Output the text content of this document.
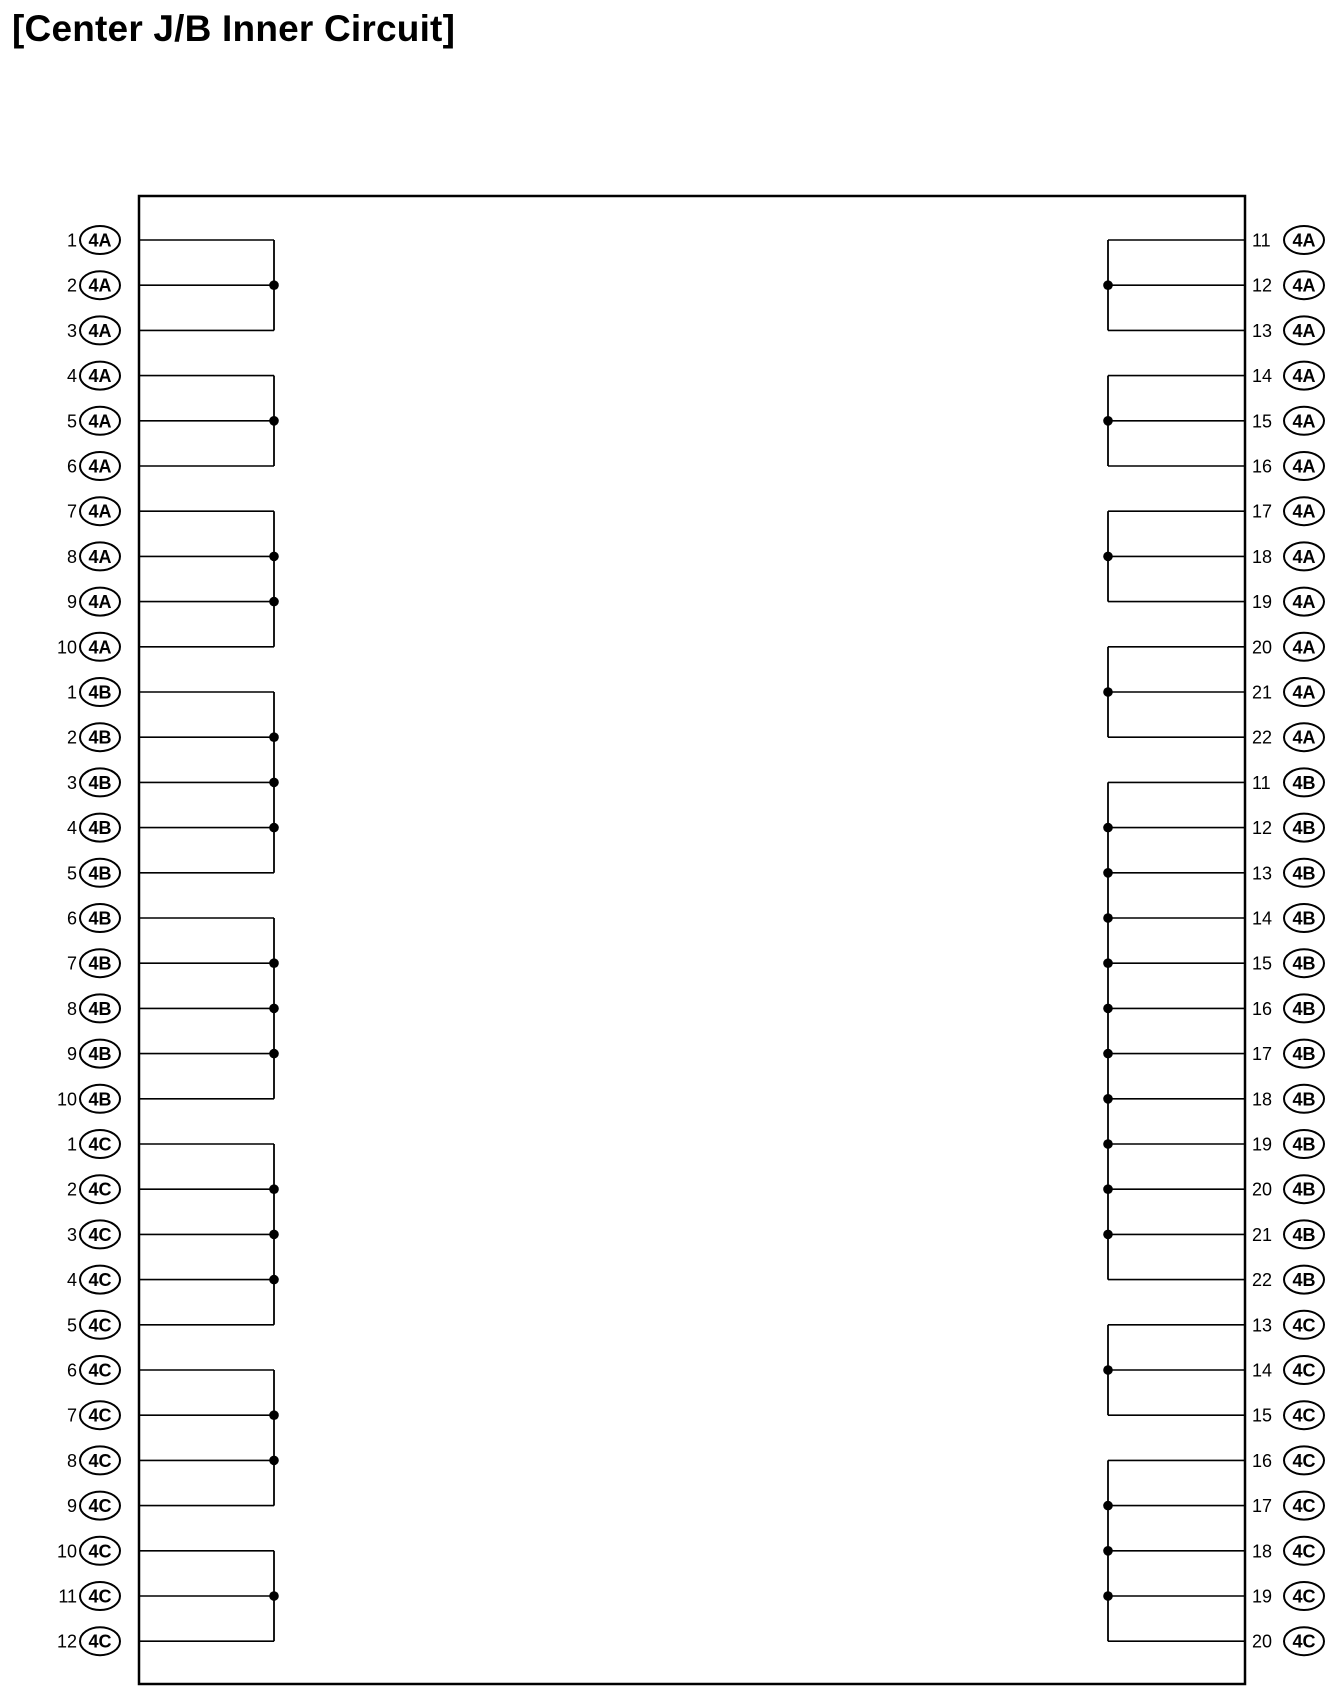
[Center J/B Inner Circuit]
1 4A
2 4A
3 4A
4 4A
5 4A
6 4A
7 4A
8 4A
9 4A
10 4A
1 4B
2 4B
3 4B
4 4B
5 4B
6 4B
7 4B
8 4B
9 4B
10 4B
1 4C
2 4C
3 4C
4 4C
5 4C
6 4C
7 4C
8 4C
9 4C
10 4C
11 4C
12 4C
11 4A
12 4A
13 4A
14 4A
15 4A
16 4A
17 4A
18 4A
19 4A
20 4A
21 4A
22 4A
11 4B
12 4B
13 4B
14 4B
15 4B
16 4B
17 4B
18 4B
19 4B
20 4B
21 4B
22 4B
13 4C
14 4C
15 4C
16 4C
17 4C
18 4C
19 4C
20 4C
